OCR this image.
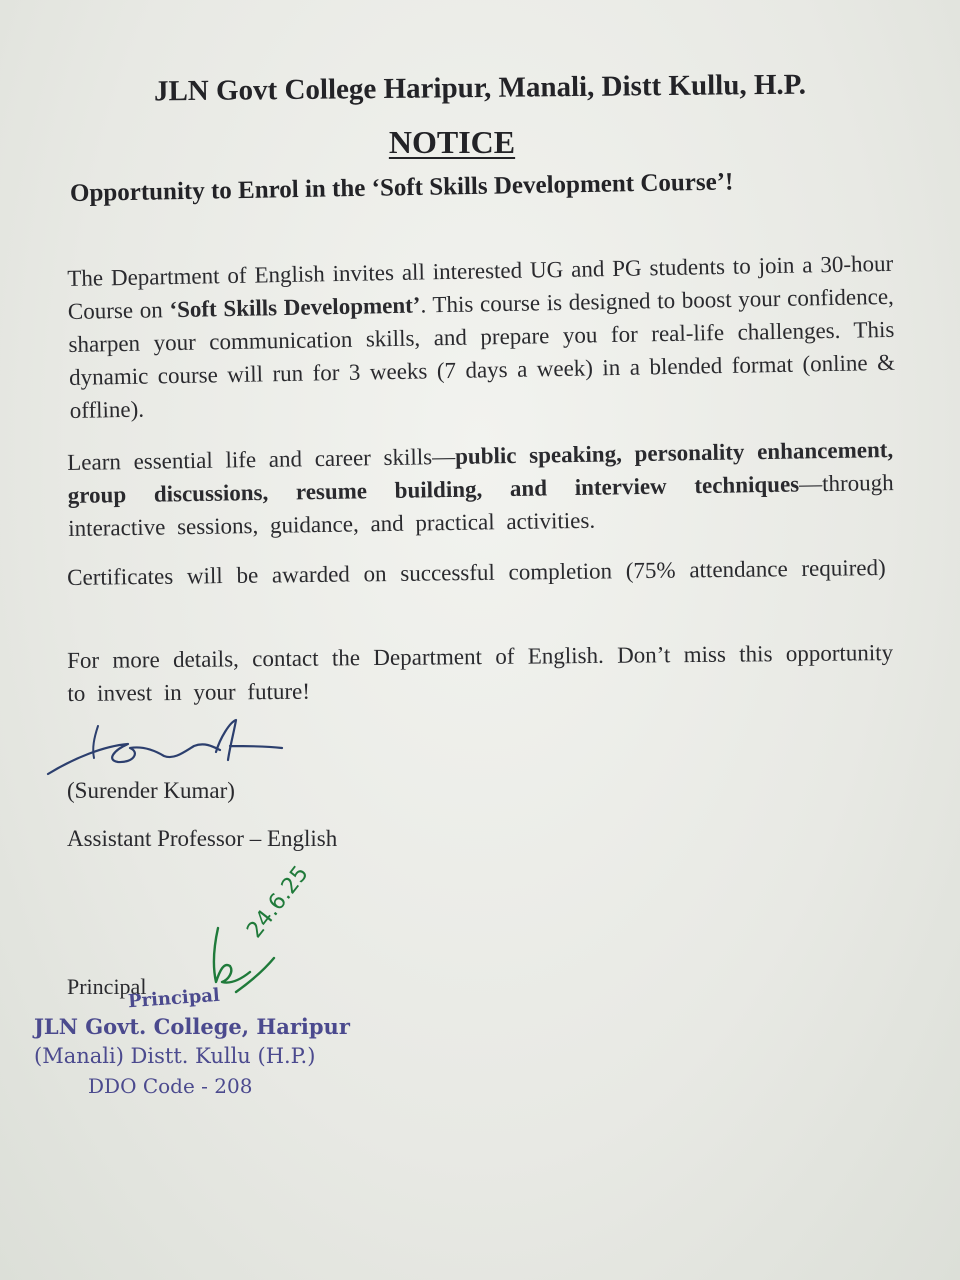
JLN Govt College Haripur, Manali, Distt Kullu, H.P.
NOTICE
Opportunity to Enrol in the ‘Soft Skills Development Course’!
The Department of English invites all interested UG and PG students to join a 30-hour Course on ‘Soft Skills Development’. This course is designed to boost your confidence, sharpen your communication skills, and prepare you for real-life challenges. This dynamic course will run for 3 weeks (7 days a week) in a blended format (online & offline).
Learn essential life and career skills—public speaking, personality enhancement, group discussions, resume building, and interview techniques—through interactive sessions, guidance, and practical activities.
Certificates will be awarded on successful completion (75% attendance required)
For more details, contact the Department of English. Don’t miss this opportunity to invest in your future!
(Surender Kumar)
Assistant Professor – English
Principal
24.6.25
Principal
JLN Govt. College, Haripur
(Manali) Distt. Kullu (H.P.)
DDO Code - 208
